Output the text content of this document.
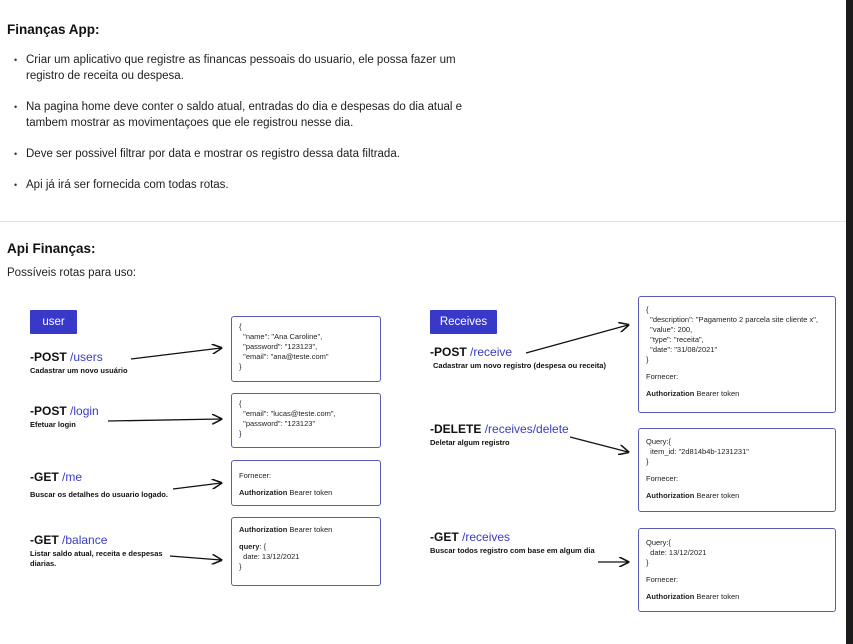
Finanças App:
• Criar um aplicativo que registre as financas pessoais do usuario, ele possa fazer um registro de receita ou despesa.
• Na pagina home deve conter o saldo atual, entradas do dia e despesas do dia atual e tambem mostrar as movimentaçoes que ele registrou nesse dia.
• Deve ser possivel filtrar por data e mostrar os registro dessa data filtrada.
• Api já irá ser fornecida com todas rotas.
Api Finanças:
Possíveis rotas para uso:
user
-POST /users
Cadastrar um novo usuário
{
"name": "Ana Caroline",
"password": "123123",
"email": "ana@teste.com"
}
-POST /login
Efetuar login
{
"email": "lucas@teste.com",
"password": "123123"
}
-GET /me
Buscar os detalhes do usuario logado.
Fornecer:
Authorization Bearer token
-GET /balance
Listar saldo atual, receita e despesas diarias.
Authorization Bearer token
query: {
date: 13/12/2021
}
Receives
-POST /receive
Cadastrar um novo registro (despesa ou receita)
{
"description": "Pagamento 2 parcela site cliente x",
"value": 200,
"type": "receita",
"date": "31/08/2021"
}
Fornecer:
Authorization Bearer token
-DELETE /receives/delete
Deletar algum registro	Query:{
item_id: "2d814b4b-1231231"
}
Fornecer:
Authorization Bearer token
-GET /receives
Buscar todos registro com base em algum dia
Query:{
date: 13/12/2021
}
Fornecer:
Authorization Bearer token
